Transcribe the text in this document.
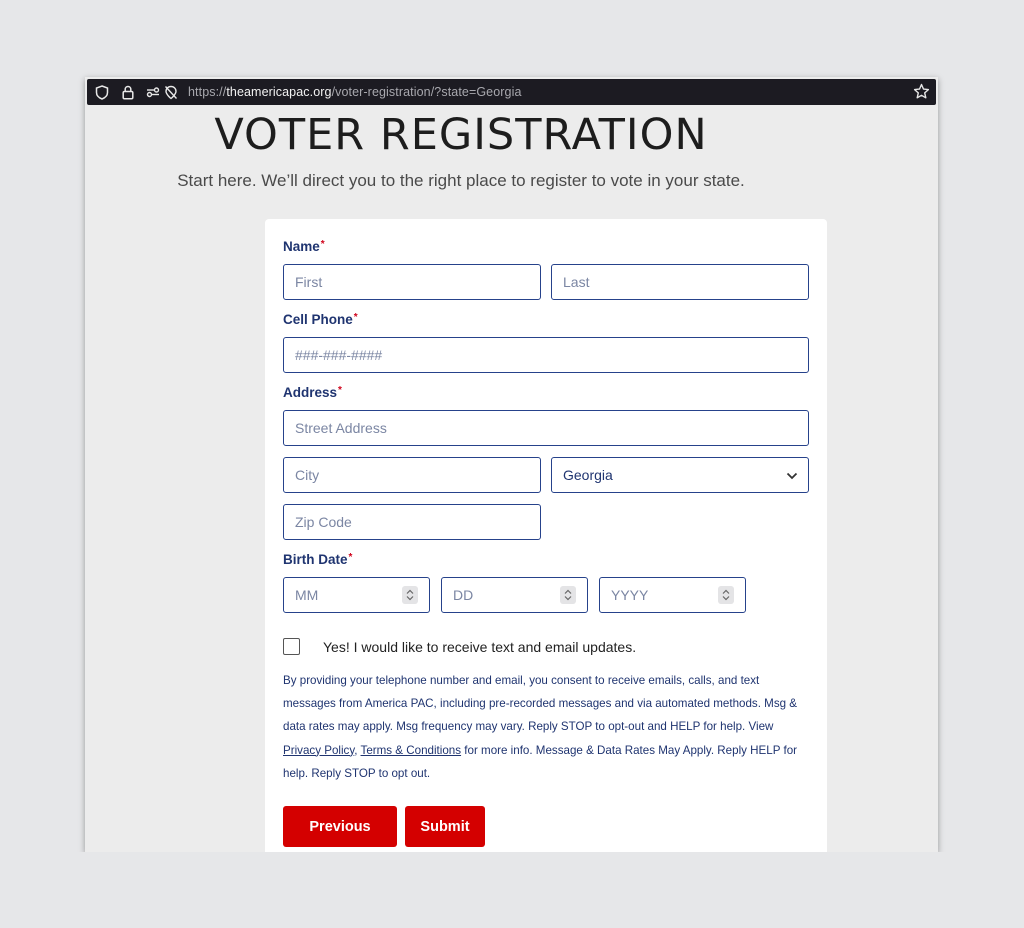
https://theamericapac.org/voter-registration/?state=Georgia
VOTER REGISTRATION
Start here. We’ll direct you to the right place to register to vote in your state.
Name*
First	Last
Cell Phone*
###-###-####
Address*
Street Address
City	Georgia
Zip Code
Birth Date*
MM	DD	YYYY
Yes! I would like to receive text and email updates.
By providing your telephone number and email, you consent to receive emails, calls, and text messages from America PAC, including pre-recorded messages and via automated methods. Msg & data rates may apply. Msg frequency may vary. Reply STOP to opt-out and HELP for help. View Privacy Policy, Terms & Conditions for more info. Message & Data Rates May Apply. Reply HELP for help. Reply STOP to opt out.
Previous	Submit
